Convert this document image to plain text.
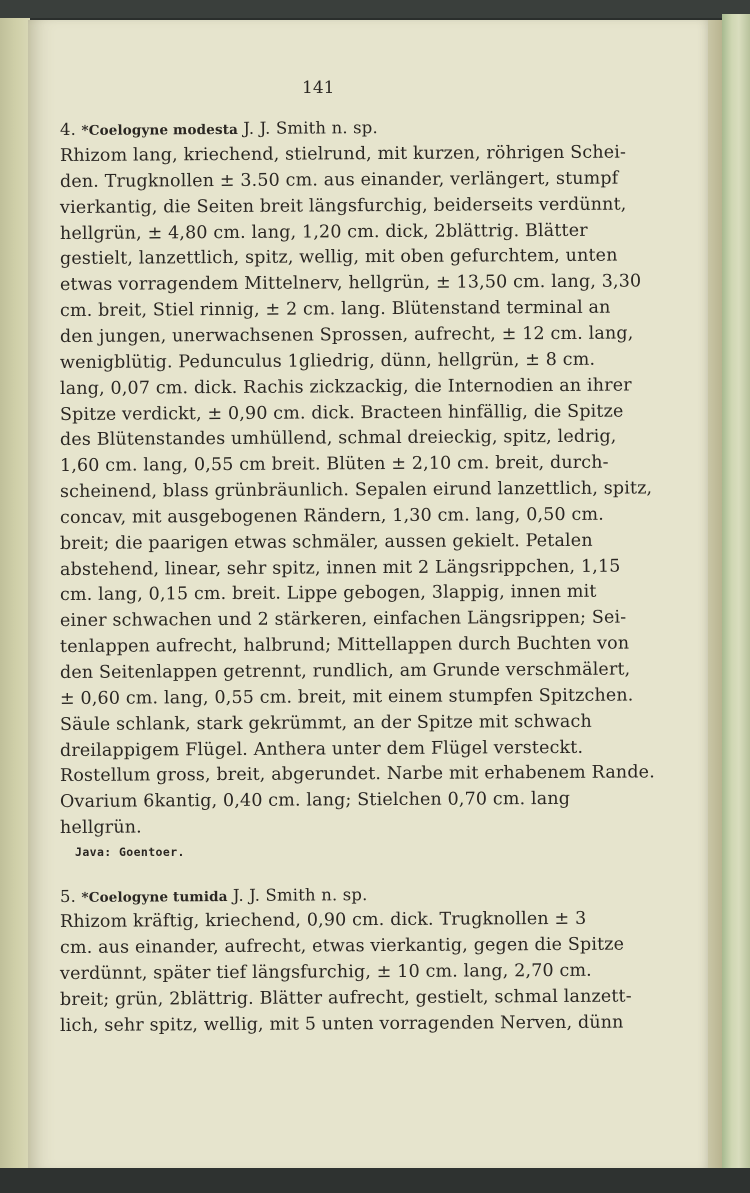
141
4. *Coelogyne modesta J. J. Smith n. sp.
Rhizom lang, kriechend, stielrund, mit kurzen, röhrigen Schei-
den. Trugknollen ± 3.50 cm. aus einander, verlängert, stumpf
vierkantig, die Seiten breit längsfurchig, beiderseits verdünnt,
hellgrün, ± 4,80 cm. lang, 1,20 cm. dick, 2blättrig. Blätter
gestielt, lanzettlich, spitz, wellig, mit oben gefurchtem, unten
etwas vorragendem Mittelnerv, hellgrün, ± 13,50 cm. lang, 3,30
cm. breit, Stiel rinnig, ± 2 cm. lang. Blütenstand terminal an
den jungen, unerwachsenen Sprossen, aufrecht, ± 12 cm. lang,
wenigblütig. Pedunculus 1gliedrig, dünn, hellgrün, ± 8 cm.
lang, 0,07 cm. dick. Rachis zickzackig, die Internodien an ihrer
Spitze verdickt, ± 0,90 cm. dick. Bracteen hinfällig, die Spitze
des Blütenstandes umhüllend, schmal dreieckig, spitz, ledrig,
1,60 cm. lang, 0,55 cm breit. Blüten ± 2,10 cm. breit, durch-
scheinend, blass grünbräunlich. Sepalen eirund lanzettlich, spitz,
concav, mit ausgebogenen Rändern, 1,30 cm. lang, 0,50 cm.
breit; die paarigen etwas schmäler, aussen gekielt. Petalen
abstehend, linear, sehr spitz, innen mit 2 Längsrippchen, 1,15
cm. lang, 0,15 cm. breit. Lippe gebogen, 3lappig, innen mit
einer schwachen und 2 stärkeren, einfachen Längsrippen; Sei-
tenlappen aufrecht, halbrund; Mittellappen durch Buchten von
den Seitenlappen getrennt, rundlich, am Grunde verschmälert,
± 0,60 cm. lang, 0,55 cm. breit, mit einem stumpfen Spitzchen.
Säule schlank, stark gekrümmt, an der Spitze mit schwach
dreilappigem Flügel. Anthera unter dem Flügel versteckt.
Rostellum gross, breit, abgerundet. Narbe mit erhabenem Rande.
Ovarium 6kantig, 0,40 cm. lang; Stielchen 0,70 cm. lang
hellgrün.
Java: Goentoer.
5. *Coelogyne tumida J. J. Smith n. sp.
Rhizom kräftig, kriechend, 0,90 cm. dick. Trugknollen ± 3
cm. aus einander, aufrecht, etwas vierkantig, gegen die Spitze
verdünnt, später tief längsfurchig, ± 10 cm. lang, 2,70 cm.
breit; grün, 2blättrig. Blätter aufrecht, gestielt, schmal lanzett-
lich, sehr spitz, wellig, mit 5 unten vorragenden Nerven, dünn
